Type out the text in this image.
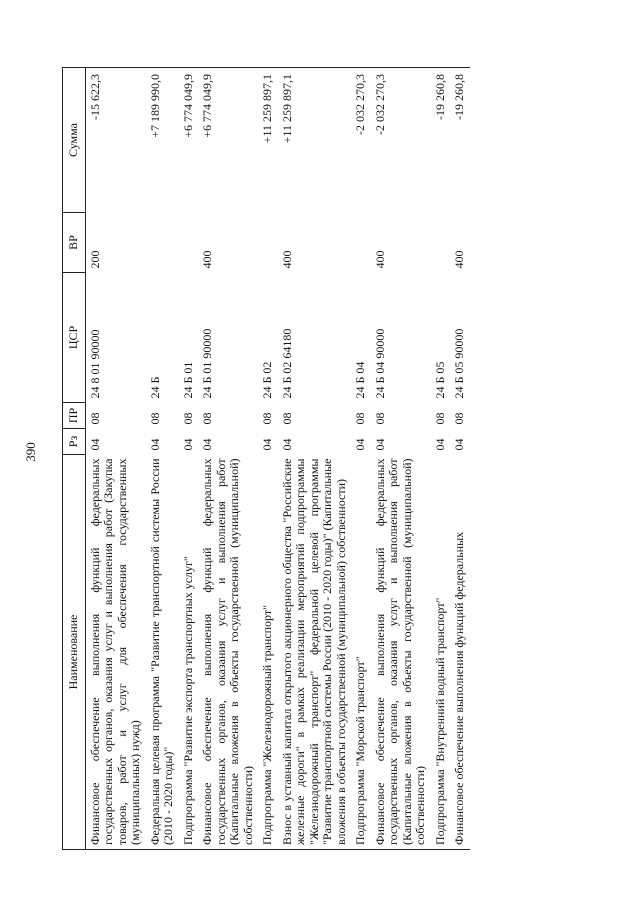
390
Наименование	Рз	ПР	ЦСР	ВР	Сумма
Финансовое обеспечение выполнения функций федеральных государственных органов, оказания услуг и выполнения работ (Закупка товаров, работ и услуг для обеспечения государственных (муниципальных) нужд)	04	08	24 8 01 90000	200	-15 622,3
Федеральная целевая программа "Развитие транспортной системы России (2010 - 2020 годы)"	04	08	24 Б		+7 189 990,0
Подпрограмма "Развитие экспорта транспортных услуг"	04	08	24 Б 01		+6 774 049,9
Финансовое обеспечение выполнения функций федеральных государственных органов, оказания услуг и выполнения работ (Капитальные вложения в объекты государственной (муниципальной) собственности)	04	08	24 Б 01 90000	400	+6 774 049,9
Подпрограмма "Железнодорожный транспорт"	04	08	24 Б 02		+11 259 897,1
Взнос в уставный капитал открытого акционерного общества "Российские железные дороги" в рамках реализации мероприятий подпрограммы "Железнодорожный транспорт" федеральной целевой программы "Развитие транспортной системы России (2010 - 2020 годы)" (Капитальные вложения в объекты государственной (муниципальной) собственности)	04	08	24 Б 02 64180	400	+11 259 897,1
Подпрограмма "Морской транспорт"	04	08	24 Б 04		-2 032 270,3
Финансовое обеспечение выполнения функций федеральных государственных органов, оказания услуг и выполнения работ (Капитальные вложения в объекты государственной (муниципальной) собственности)	04	08	24 Б 04 90000	400	-2 032 270,3
Подпрограмма "Внутренний водный транспорт"	04	08	24 Б 05		-19 260,8
Финансовое обеспечение выполнения функций федеральных	04	08	24 Б 05 90000	400	-19 260,8
